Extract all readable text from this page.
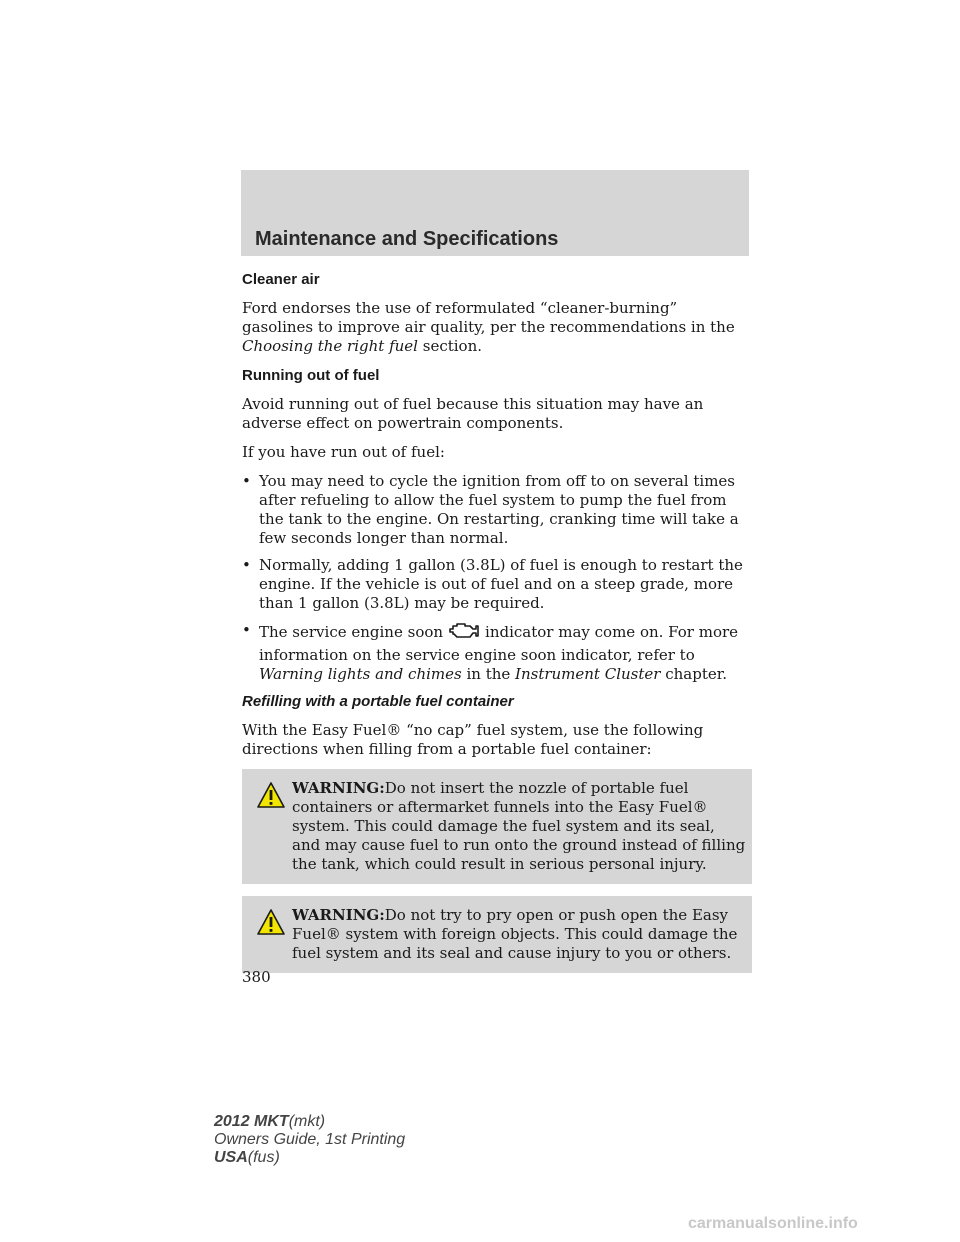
Maintenance and Specifications
Cleaner air

Ford endorses the use of reformulated “cleaner-burning” gasolines to improve air quality, per the recommendations in the Choosing the right fuel section.

Running out of fuel

Avoid running out of fuel because this situation may have an adverse effect on powertrain components.

If you have run out of fuel:

• You may need to cycle the ignition from off to on several times after refueling to allow the fuel system to pump the fuel from the tank to the engine. On restarting, cranking time will take a few seconds longer than normal.
• Normally, adding 1 gallon (3.8L) of fuel is enough to restart the engine. If the vehicle is out of fuel and on a steep grade, more than 1 gallon (3.8L) may be required.
• The service engine soon	indicator may come on. For more information on the service engine soon indicator, refer to Warning lights and chimes in the Instrument Cluster chapter.
Refilling with a portable fuel container

With the Easy Fuel® “no cap” fuel system, use the following directions when filling from a portable fuel container:

WARNING:Do not insert the nozzle of portable fuel containers or aftermarket funnels into the Easy Fuel® system. This could damage the fuel system and its seal, and may cause fuel to run onto the ground instead of filling the tank, which could result in serious personal injury.
WARNING:Do not try to pry open or push open the Easy Fuel® system with foreign objects. This could damage the fuel system and its seal and cause injury to you or others.
380
2012 MKT(mkt)
Owners Guide, 1st Printing
USA(fus)
carmanualsonline.info
